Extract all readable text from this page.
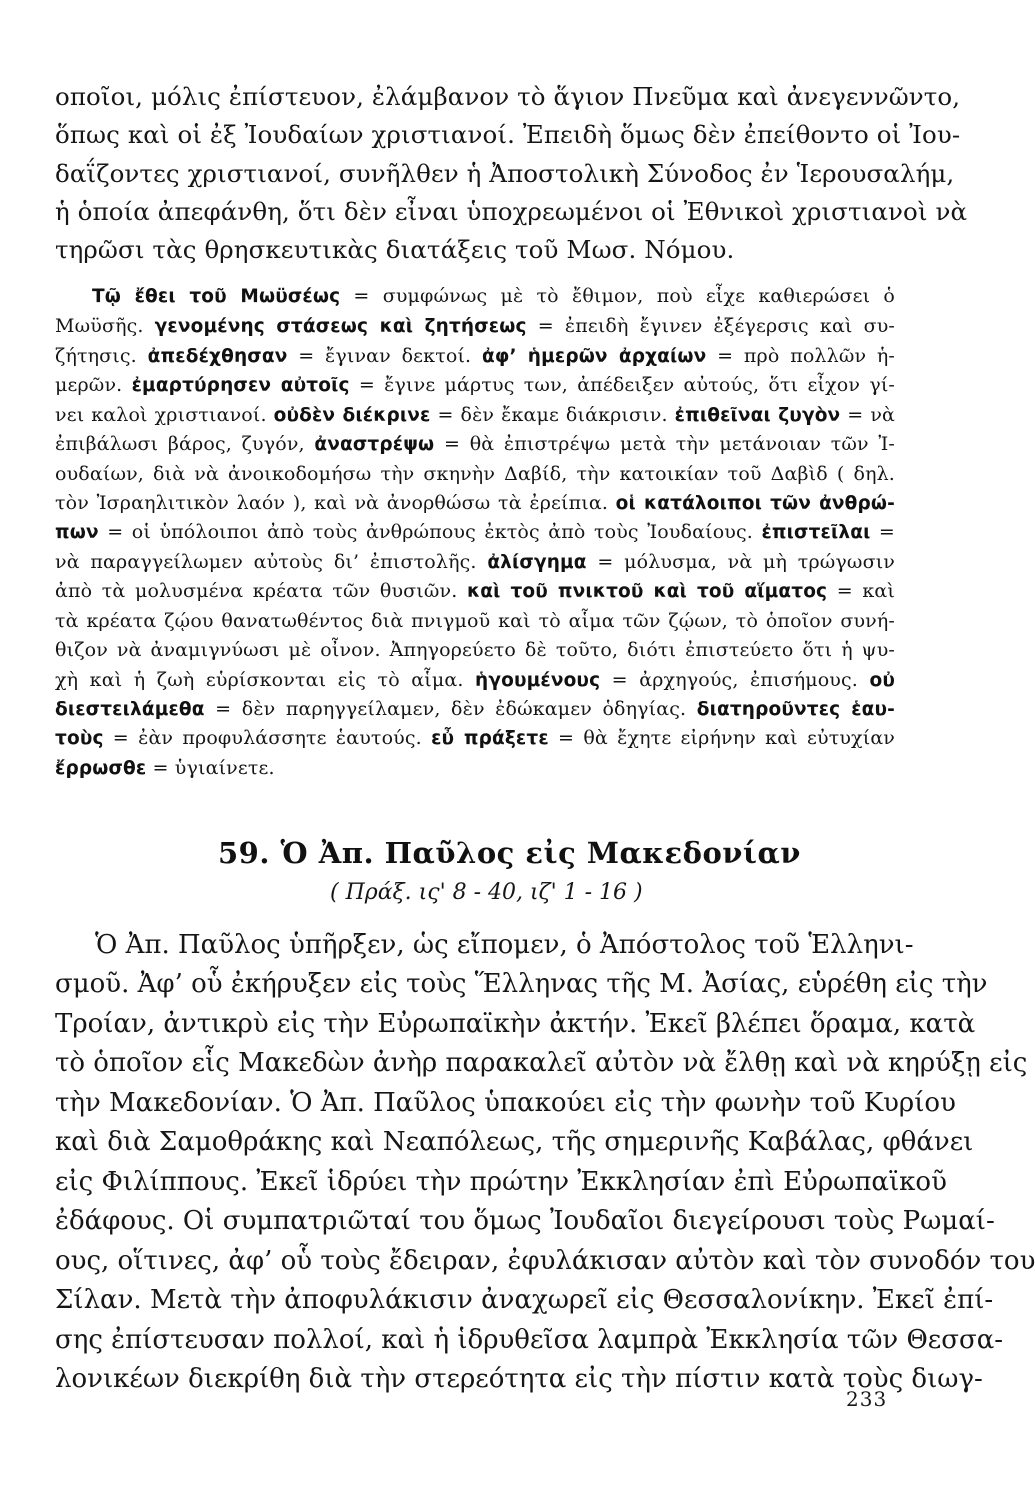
οποῖοι, μόλις ἐπίστευον, ἐλάμβανον τὸ ἅγιον Πνεῦμα καὶ ἀνεγεννῶντο,
ὅπως καὶ οἱ ἐξ Ἰουδαίων χριστιανοί. Ἐπειδὴ ὅμως δὲν ἐπείθοντο οἱ Ἰου-
δαΐζοντες χριστιανοί, συνῆλθεν ἡ Ἀποστολικὴ Σύνοδος ἐν Ἱερουσαλήμ,
ἡ ὁποία ἀπεφάνθη, ὅτι δὲν εἶναι ὑποχρεωμένοι οἱ Ἐθνικοὶ χριστιανοὶ νὰ
τηρῶσι τὰς θρησκευτικὰς διατάξεις τοῦ Μωσ. Νόμου.
Τῷ ἔθει τοῦ Μωϋσέως = συμφώνως μὲ τὸ ἔθιμον, ποὺ εἶχε καθιερώσει ὁ
Μωϋσῆς. γενομένης στάσεως καὶ ζητήσεως = ἐπειδὴ ἔγινεν ἐξέγερσις καὶ συ-
ζήτησις. ἀπεδέχθησαν = ἔγιναν δεκτοί. ἀφ’ ἡμερῶν ἀρχαίων = πρὸ πολλῶν ἡ-
μερῶν. ἐμαρτύρησεν αὐτοῖς = ἔγινε μάρτυς των, ἀπέδειξεν αὐτούς, ὅτι εἶχον γί-
νει καλοὶ χριστιανοί. οὐδὲν διέκρινε = δὲν ἔκαμε διάκρισιν. ἐπιθεῖναι ζυγὸν = νὰ
ἐπιβάλωσι βάρος, ζυγόν, ἀναστρέψω = θὰ ἐπιστρέψω μετὰ τὴν μετάνοιαν τῶν Ἰ-
ουδαίων, διὰ νὰ ἀνοικοδομήσω τὴν σκηνὴν Δαβίδ, τὴν κατοικίαν τοῦ Δαβὶδ ( δηλ.
τὸν Ἰσραηλιτικὸν λαόν ), καὶ νὰ ἀνορθώσω τὰ ἐρείπια. οἱ κατάλοιποι τῶν ἀνθρώ-
πων = οἱ ὑπόλοιποι ἀπὸ τοὺς ἀνθρώπους ἐκτὸς ἀπὸ τοὺς Ἰουδαίους. ἐπιστεῖλαι =
νὰ παραγγείλωμεν αὐτοὺς δι’ ἐπιστολῆς. ἀλίσγημα = μόλυσμα, νὰ μὴ τρώγωσιν
ἀπὸ τὰ μολυσμένα κρέατα τῶν θυσιῶν. καὶ τοῦ πνικτοῦ καὶ τοῦ αἵματος = καὶ
τὰ κρέατα ζῴου θανατωθέντος διὰ πνιγμοῦ καὶ τὸ αἷμα τῶν ζῴων, τὸ ὁποῖον συνή-
θιζον νὰ ἀναμιγνύωσι μὲ οἶνον. Ἀπηγορεύετο δὲ τοῦτο, διότι ἐπιστεύετο ὅτι ἡ ψυ-
χὴ καὶ ἡ ζωὴ εὑρίσκονται εἰς τὸ αἷμα. ἡγουμένους = ἀρχηγούς, ἐπισήμους. οὐ
διεστειλάμεθα = δὲν παρηγγείλαμεν, δὲν ἐδώκαμεν ὁδηγίας. διατηροῦντες ἑαυ-
τοὺς = ἐὰν προφυλάσσητε ἑαυτούς. εὖ πράξετε = θὰ ἔχητε εἰρήνην καὶ εὐτυχίαν
ἔρρωσθε = ὑγιαίνετε.
59. Ὁ Ἀπ. Παῦλος εἰς Μακεδονίαν
( Πράξ. ις' 8 - 40, ιζ' 1 - 16 )
Ὁ Ἀπ. Παῦλος ὑπῆρξεν, ὡς εἴπομεν, ὁ Ἀπόστολος τοῦ Ἑλληνι-
σμοῦ. Ἀφ’ οὗ ἐκήρυξεν εἰς τοὺς Ἕλληνας τῆς Μ. Ἀσίας, εὑρέθη εἰς τὴν
Τροίαν, ἀντικρὺ εἰς τὴν Εὐρωπαϊκὴν ἀκτήν. Ἐκεῖ βλέπει ὅραμα, κατὰ
τὸ ὁποῖον εἷς Μακεδὼν ἀνὴρ παρακαλεῖ αὐτὸν νὰ ἔλθῃ καὶ νὰ κηρύξῃ εἰς
τὴν Μακεδονίαν. Ὁ Ἀπ. Παῦλος ὑπακούει εἰς τὴν φωνὴν τοῦ Κυρίου
καὶ διὰ Σαμοθράκης καὶ Νεαπόλεως, τῆς σημερινῆς Καβάλας, φθάνει
εἰς Φιλίππους. Ἐκεῖ ἱδρύει τὴν πρώτην Ἐκκλησίαν ἐπὶ Εὐρωπαϊκοῦ
ἐδάφους. Οἱ συμπατριῶταί του ὅμως Ἰουδαῖοι διεγείρουσι τοὺς Ρωμαί-
ους, οἵτινες, ἀφ’ οὗ τοὺς ἔδειραν, ἐφυλάκισαν αὐτὸν καὶ τὸν συνοδόν του
Σίλαν. Μετὰ τὴν ἀποφυλάκισιν ἀναχωρεῖ εἰς Θεσσαλονίκην. Ἐκεῖ ἐπί-
σης ἐπίστευσαν πολλοί, καὶ ἡ ἱδρυθεῖσα λαμπρὰ Ἐκκλησία τῶν Θεσσα-
λονικέων διεκρίθη διὰ τὴν στερεότητα εἰς τὴν πίστιν κατὰ τοὺς διωγ-
233
